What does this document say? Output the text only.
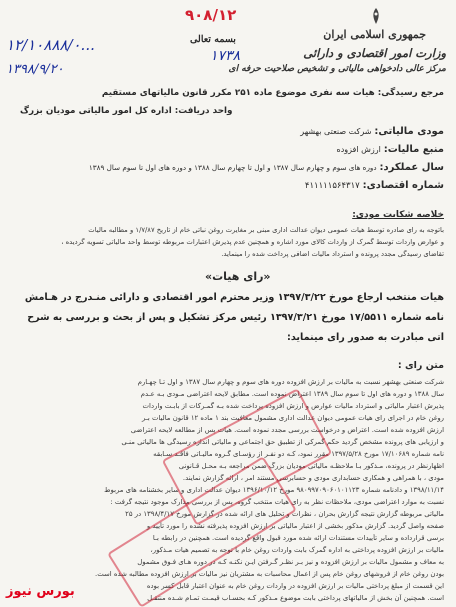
جمهوری اسلامی ایران
وزارت امور اقتصادی و دارائی
مرکز عالی دادخواهی مالیاتی و تشخیص صلاحیت حرفه ای
بسمه تعالی
۹۰۸/۱۲
۱۲/۱۰۸۸۸/۰...
۱۳۹۸/۹/۲۰
۱۷۳۸
مرجع رسیدگی: هیات سه نفری موضوع ماده ۲۵۱ مکرر قانون مالیاتهای مستقیم
واحد دریافت: اداره کل امور مالیاتی مودیان بزرگ
مودی مالیاتی: شرکت صنعتی بهشهر
منبع مالیات: ارزش افزوده
سال عملکرد: دوره های سوم و چهارم سال ۱۳۸۷ و اول تا چهارم سال ۱۳۸۸ و دوره های اول تا سوم سال ۱۳۸۹
شماره اقتصادی: ۴۱۱۱۱۱۵۶۴۳۱۷
خلاصه شکایت مودی:
باتوجه به رای صادره توسط هیات عمومی دیوان عدالت اداری مبنی بر مغایرت روغن نباتی خام از تاریخ ۱/۷/۸۷ و مطالبه مالیات
و عوارض واردات توسط گمرک از واردات کالای مورد اشاره و همچنین عدم پذیرش اعتبارات مربوطه توسط واحد مالیاتی تسویه گردیده ،
تقاضای رسیدگی مجدد پرونده و استرداد مالیات اضافی پرداخت شده را مینماید.
«رای هیات»
هیات منتخب ارجاع مورخ ۱۳۹۷/۳/۲۲ وزیر محترم امور اقتصادی و دارائی منـدرج در هـامش
نامه شماره ۱۷/۵۵۱۱ مورخ ۱۳۹۷/۳/۲۱ رئیس مرکز تشکیل و پس از بحث و بررسی به شرح
آتی مبادرت به صدور رای مینماید:
متن رای :
شرکت صنعتی بهشهر نسبت به مالیات بر ارزش افزوده دوره های سوم و چهارم سال ۱۳۸۷ و اول تـا چهـارم
سال ۱۳۸۸ و دوره های اول تا سوم سال ۱۳۸۹ اعتراض نموده است. مطابق لایحه اعتراضی مـودی بـه عـدم
پذیرش اعتبار مالیاتی و استرداد مالیات عوارض و ارزش افزوده پرداخت شده بـه گمـرکات از بابـت واردات
روغن خام در اجرای رای هیات عمومی دیوان عدالت اداری مشمول معافیت بند ۱ ماده ۱۲ قانون مالیات بـر
ارزش افزوده شده است. اعتراض و درخواست بررسی مجدد نموده است. هیات پس از مطالعه لایحه اعتراضی
و ارزیابی های پرونده مشخص گردید حکم گمرکی از تطبیق حق اجتماعی و مالیاتی اندازه رسیدگی ها مالیاتی منـی
نامه شماره ۱۷/۱۰۶۸۹ مورخ ۱۳۹۷/۵/۲۸ مقرر نمود، کـه دو نفـر از رؤسـای گـروه مالیـاتی فاقـد سـابقه
اظهارنظر در پرونده، مـذکور بـا ملاحظـه مالیاتی مودیان بزرگ ضمن مراجعه بـه محـل قـانونی
مودی ، با همراهی و همکاری حسابداری مودی و حسابرسی مستند امر ، ارائه گزارش نمایند.
۱۳۹۸/۱۱/۱۴ و دادنامه شماره ۹۸۰۹۹۷۰۹۰۶۰۱۰۱۱۲۳ مورخ ۱۳۹۶/۱۰/۱۲ دیوان عدالت اداری و سایر بخشنامه های مربوط
نسبت به موارد اعتراضی مودی، ملاحظات نظر به رای هیات منتخب گروه، پس از بررسی مدارک موجود نتیجه گرفت :
مالیاتی مربوطه گزارش نتیجه گزارش بحران ، نظرات و تحلیل های ارائه شده در گزارش مورخ ۱۳۹۸/۴/۱۷ در ۲۵
صفحه واصل گردید. گزارش مذکور بخشی از اعتبار مالیاتی بر ارزش افزوده پذیرفته نشده را مورد تأیید و
برسی قرارداده و سایر تأییدات مستندات ارائه شده مورد قبول واقع گردیده است. همچنین در رابطه بـا
مالیات بر ارزش افزوده پرداختی به اداره گمرک بابت واردات روغن خام با توجه به تصمیم هیات مـذکور،
به معاف و مشمول مالیات بر ارزش افزوده و نیز بـر نظـر گـرفتن ایـن نکتـه کـه در دوره هـای فـوق مشمول
بودن روغن خام از فروشهای روغن خام پس از اعمال محاسبات به مشتریان نیز مالیات بر ارزش افزوده مطالبه شده است.
این قسمت از مبلغ پرداختی مالیات بر ارزش افزوده در واردات روغن خام به عنوان اعتبار قابل کسر بوده
است. همچنین آن بخش از مالیاتهای پرداختی بابت موضوع مـذکور کـه بحسـاب قیمـت تمـام شـده منتقـل
بورس نیوز
